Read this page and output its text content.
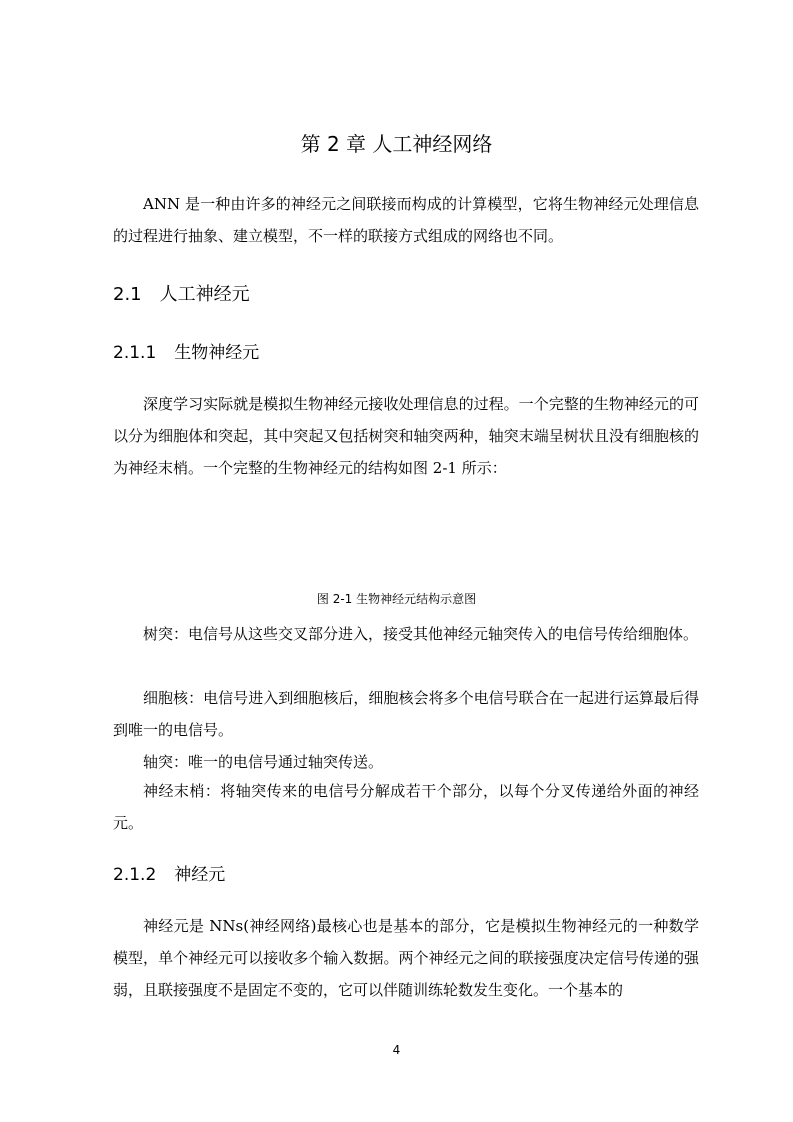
第 2 章 人工神经网络

ANN 是一种由许多的神经元之间联接而构成的计算模型，它将生物神经元处理信息的过程进行抽象、建立模型，不一样的联接方式组成的网络也不同。

2.1 人工神经元
2.1.1 生物神经元

深度学习实际就是模拟生物神经元接收处理信息的过程。一个完整的生物神经元的可以分为细胞体和突起，其中突起又包括树突和轴突两种，轴突末端呈树状且没有细胞核的为神经末梢。一个完整的生物神经元的结构如图 2-1 所示：

图 2-1 生物神经元结构示意图

树突：电信号从这些交叉部分进入，接受其他神经元轴突传入的电信号传给细胞体。

细胞核：电信号进入到细胞核后，细胞核会将多个电信号联合在一起进行运算最后得到唯一的电信号。

轴突：唯一的电信号通过轴突传送。

神经末梢：将轴突传来的电信号分解成若干个部分，以每个分叉传递给外面的神经元。

2.1.2 神经元

神经元是 NNs(神经网络)最核心也是基本的部分，它是模拟生物神经元的一种数学模型，单个神经元可以接收多个输入数据。两个神经元之间的联接强度决定信号传递的强弱，且联接强度不是固定不变的，它可以伴随训练轮数发生变化。一个基本的

4
